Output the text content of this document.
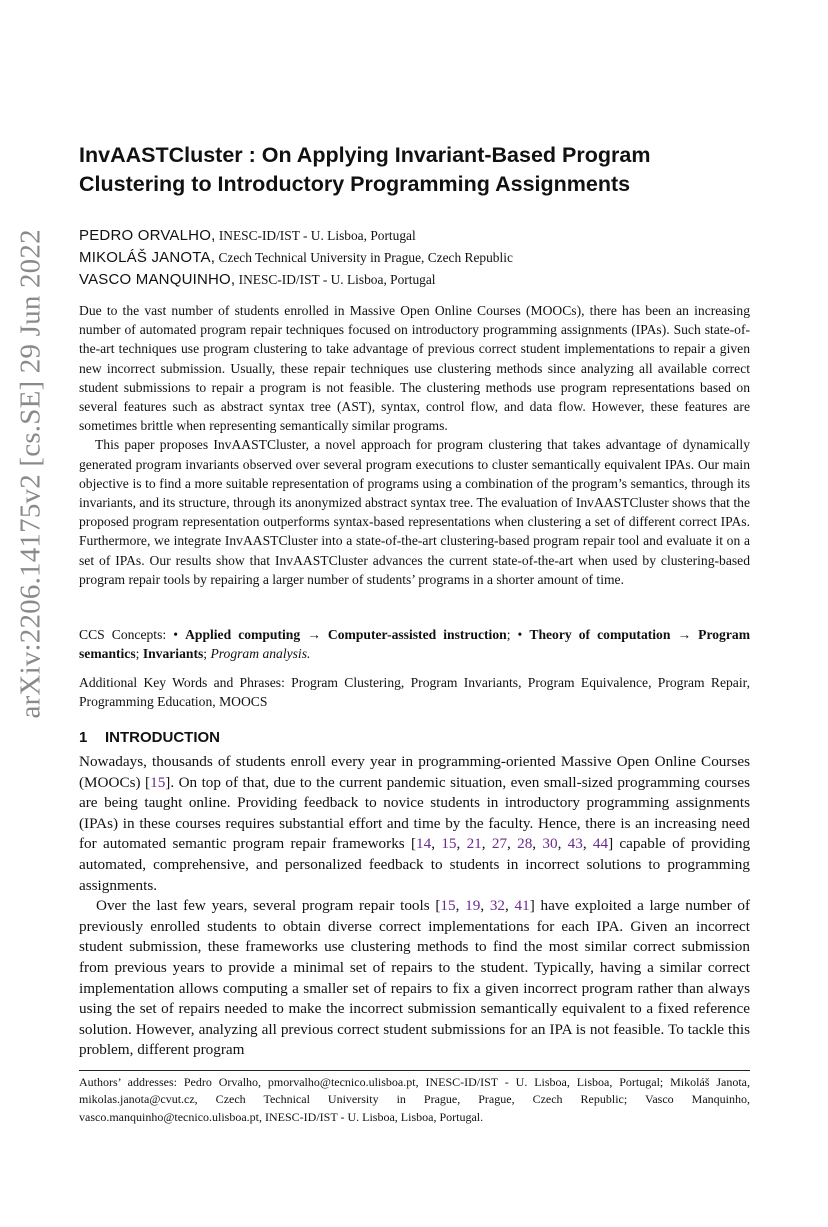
arXiv:2206.14175v2 [cs.SE] 29 Jun 2022
InvAASTCluster : On Applying Invariant-Based Program
Clustering to Introductory Programming Assignments
PEDRO ORVALHO, INESC-ID/IST - U. Lisboa, Portugal
MIKOLÁŠ JANOTA, Czech Technical University in Prague, Czech Republic
VASCO MANQUINHO, INESC-ID/IST - U. Lisboa, Portugal

Due to the vast number of students enrolled in Massive Open Online Courses (MOOCs), there has been an increasing number of automated program repair techniques focused on introductory programming assignments (IPAs). Such state-of-the-art techniques use program clustering to take advantage of previous correct student implementations to repair a given new incorrect submission. Usually, these repair techniques use clustering methods since analyzing all available correct student submissions to repair a program is not feasible. The clustering methods use program representations based on several features such as abstract syntax tree (AST), syntax, control flow, and data flow. However, these features are sometimes brittle when representing semantically similar programs.

This paper proposes InvAASTCluster, a novel approach for program clustering that takes advantage of dynamically generated program invariants observed over several program executions to cluster semantically equivalent IPAs. Our main objective is to find a more suitable representation of programs using a combination of the program’s semantics, through its invariants, and its structure, through its anonymized abstract syntax tree. The evaluation of InvAASTCluster shows that the proposed program representation outperforms syntax-based representations when clustering a set of different correct IPAs. Furthermore, we integrate InvAASTCluster into a state-of-the-art clustering-based program repair tool and evaluate it on a set of IPAs. Our results show that InvAASTCluster advances the current state-of-the-art when used by clustering-based program repair tools by repairing a larger number of students’ programs in a shorter amount of time.

CCS Concepts: • Applied computing → Computer-assisted instruction; • Theory of computation → Program semantics; Invariants; Program analysis.
Additional Key Words and Phrases: Program Clustering, Program Invariants, Program Equivalence, Program Repair, Programming Education, MOOCS
1 INTRODUCTION

Nowadays, thousands of students enroll every year in programming-oriented Massive Open Online Courses (MOOCs) [15]. On top of that, due to the current pandemic situation, even small-sized programming courses are being taught online. Providing feedback to novice students in introductory programming assignments (IPAs) in these courses requires substantial effort and time by the faculty. Hence, there is an increasing need for automated semantic program repair frameworks [14, 15, 21, 27, 28, 30, 43, 44] capable of providing automated, comprehensive, and personalized feedback to students in incorrect solutions to programming assignments.

Over the last few years, several program repair tools [15, 19, 32, 41] have exploited a large number of previously enrolled students to obtain diverse correct implementations for each IPA. Given an incorrect student submission, these frameworks use clustering methods to find the most similar correct submission from previous years to provide a minimal set of repairs to the student. Typically, having a similar correct implementation allows computing a smaller set of repairs to fix a given incorrect program rather than always using the set of repairs needed to make the incorrect submission semantically equivalent to a fixed reference solution. However, analyzing all previous correct student submissions for an IPA is not feasible. To tackle this problem, different program

Authors’ addresses: Pedro Orvalho, pmorvalho@tecnico.ulisboa.pt, INESC-ID/IST - U. Lisboa, Lisboa, Portugal; Mikoláš Janota, mikolas.janota@cvut.cz, Czech Technical University in Prague, Prague, Czech Republic; Vasco Manquinho, vasco.manquinho@tecnico.ulisboa.pt, INESC-ID/IST - U. Lisboa, Lisboa, Portugal.
